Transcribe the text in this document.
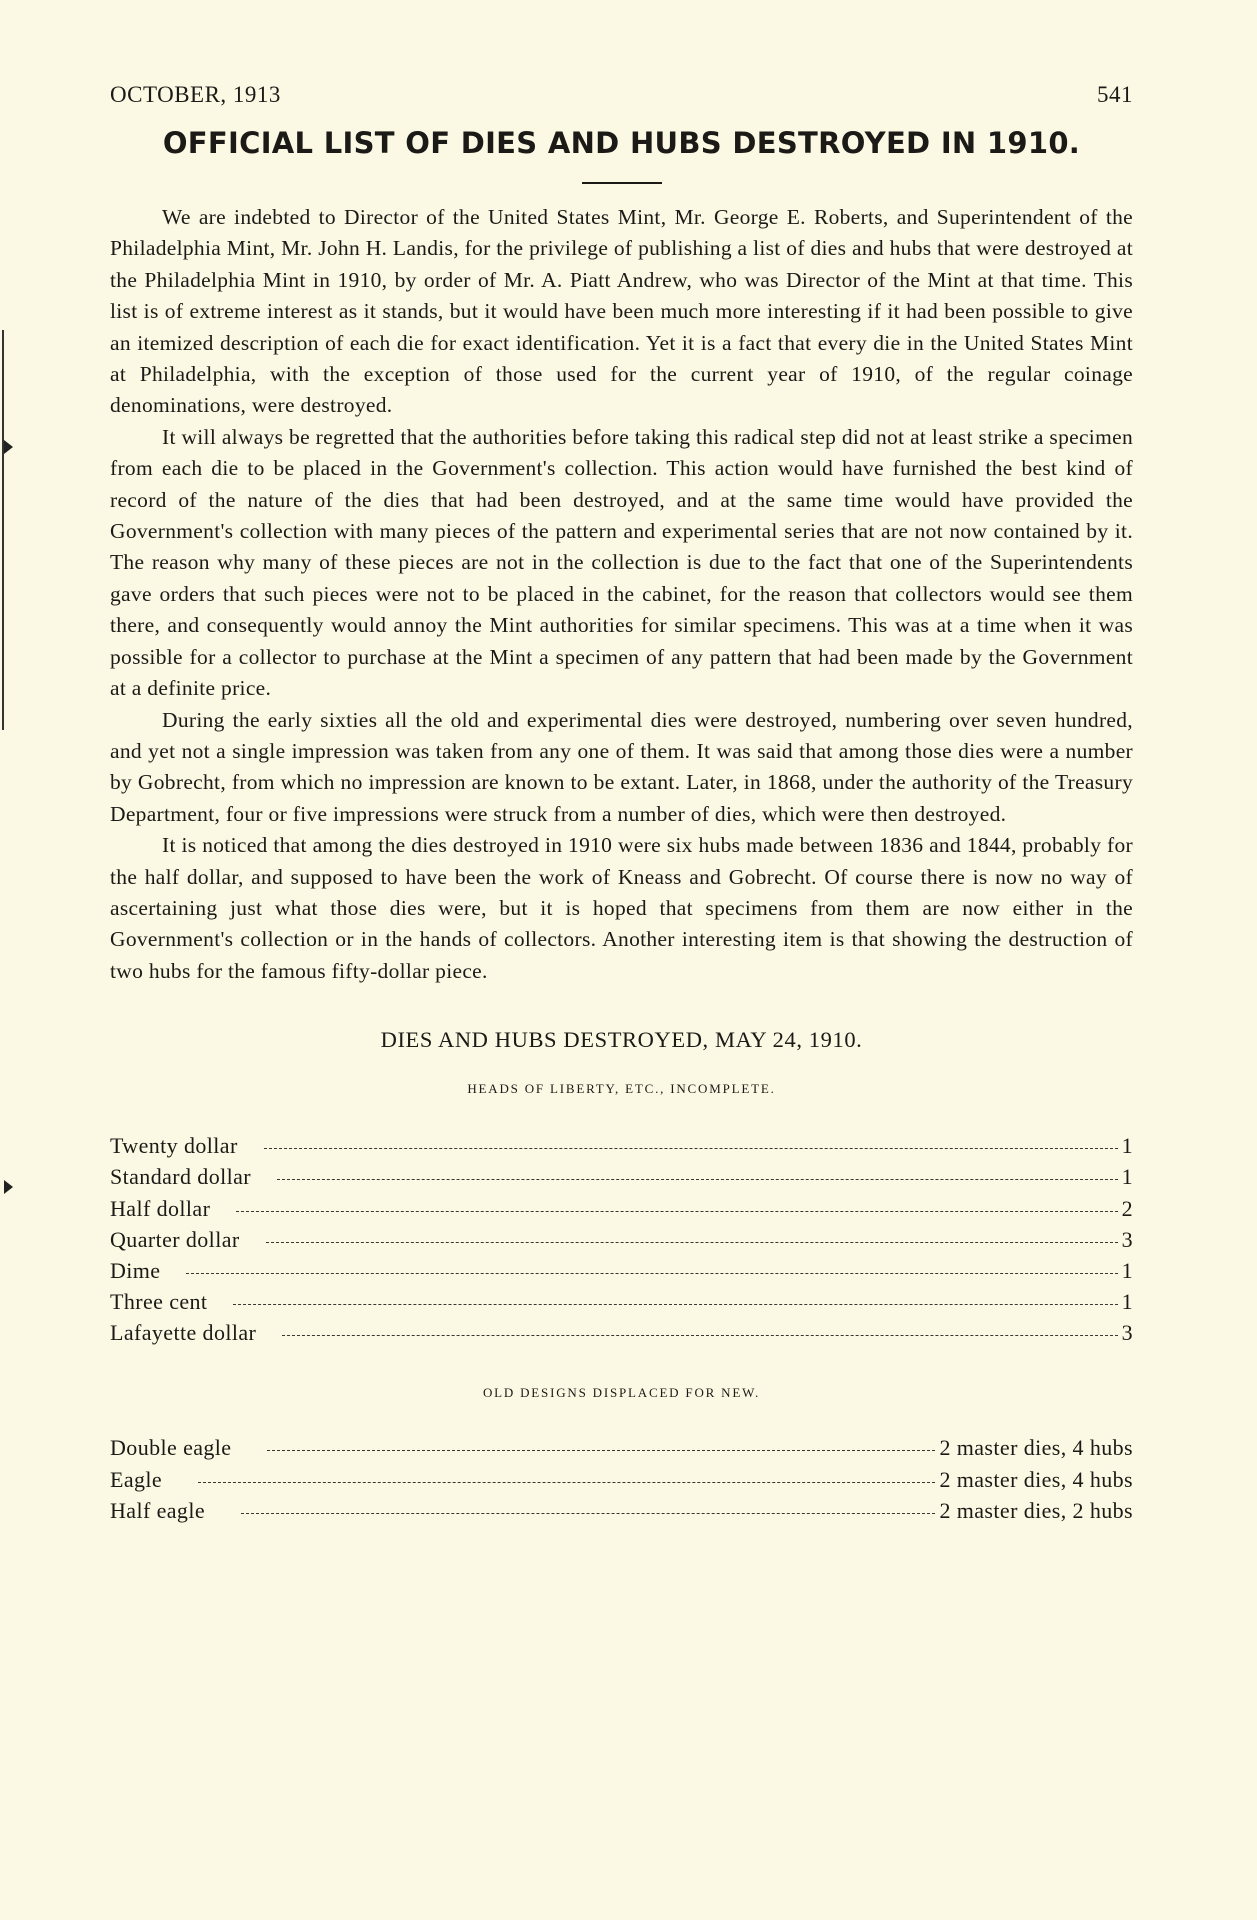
OCTOBER, 1913	541
OFFICIAL LIST OF DIES AND HUBS DESTROYED IN 1910.

We are indebted to Director of the United States Mint, Mr. George E. Roberts, and Superintendent of the Philadelphia Mint, Mr. John H. Landis, for the privilege of publishing a list of dies and hubs that were destroyed at the Philadelphia Mint in 1910, by order of Mr. A. Piatt Andrew, who was Director of the Mint at that time. This list is of extreme interest as it stands, but it would have been much more interesting if it had been possible to give an itemized description of each die for exact identification. Yet it is a fact that every die in the United States Mint at Philadelphia, with the exception of those used for the current year of 1910, of the regular coinage denominations, were destroyed.

It will always be regretted that the authorities before taking this radical step did not at least strike a specimen from each die to be placed in the Government's collection. This action would have furnished the best kind of record of the nature of the dies that had been destroyed, and at the same time would have provided the Government's collection with many pieces of the pattern and experimental series that are not now contained by it. The reason why many of these pieces are not in the collection is due to the fact that one of the Superintendents gave orders that such pieces were not to be placed in the cabinet, for the reason that collectors would see them there, and consequently would annoy the Mint authorities for similar specimens. This was at a time when it was possible for a collector to purchase at the Mint a specimen of any pattern that had been made by the Government at a definite price.

During the early sixties all the old and experimental dies were destroyed, numbering over seven hundred, and yet not a single impression was taken from any one of them. It was said that among those dies were a number by Gobrecht, from which no impression are known to be extant. Later, in 1868, under the authority of the Treasury Department, four or five impressions were struck from a number of dies, which were then destroyed.

It is noticed that among the dies destroyed in 1910 were six hubs made between 1836 and 1844, probably for the half dollar, and supposed to have been the work of Kneass and Gobrecht. Of course there is now no way of ascertaining just what those dies were, but it is hoped that specimens from them are now either in the Government's collection or in the hands of collectors. Another interesting item is that showing the destruction of two hubs for the famous fifty-dollar piece.

DIES AND HUBS DESTROYED, MAY 24, 1910.
HEADS OF LIBERTY, ETC., INCOMPLETE.
Twenty dollar	1
Standard dollar	1
Half dollar	2
Quarter dollar	3
Dime	1
Three cent	1
Lafayette dollar	3
OLD DESIGNS DISPLACED FOR NEW.
Double eagle	2 master dies, 4 hubs
Eagle	2 master dies, 4 hubs
Half eagle	2 master dies, 2 hubs
